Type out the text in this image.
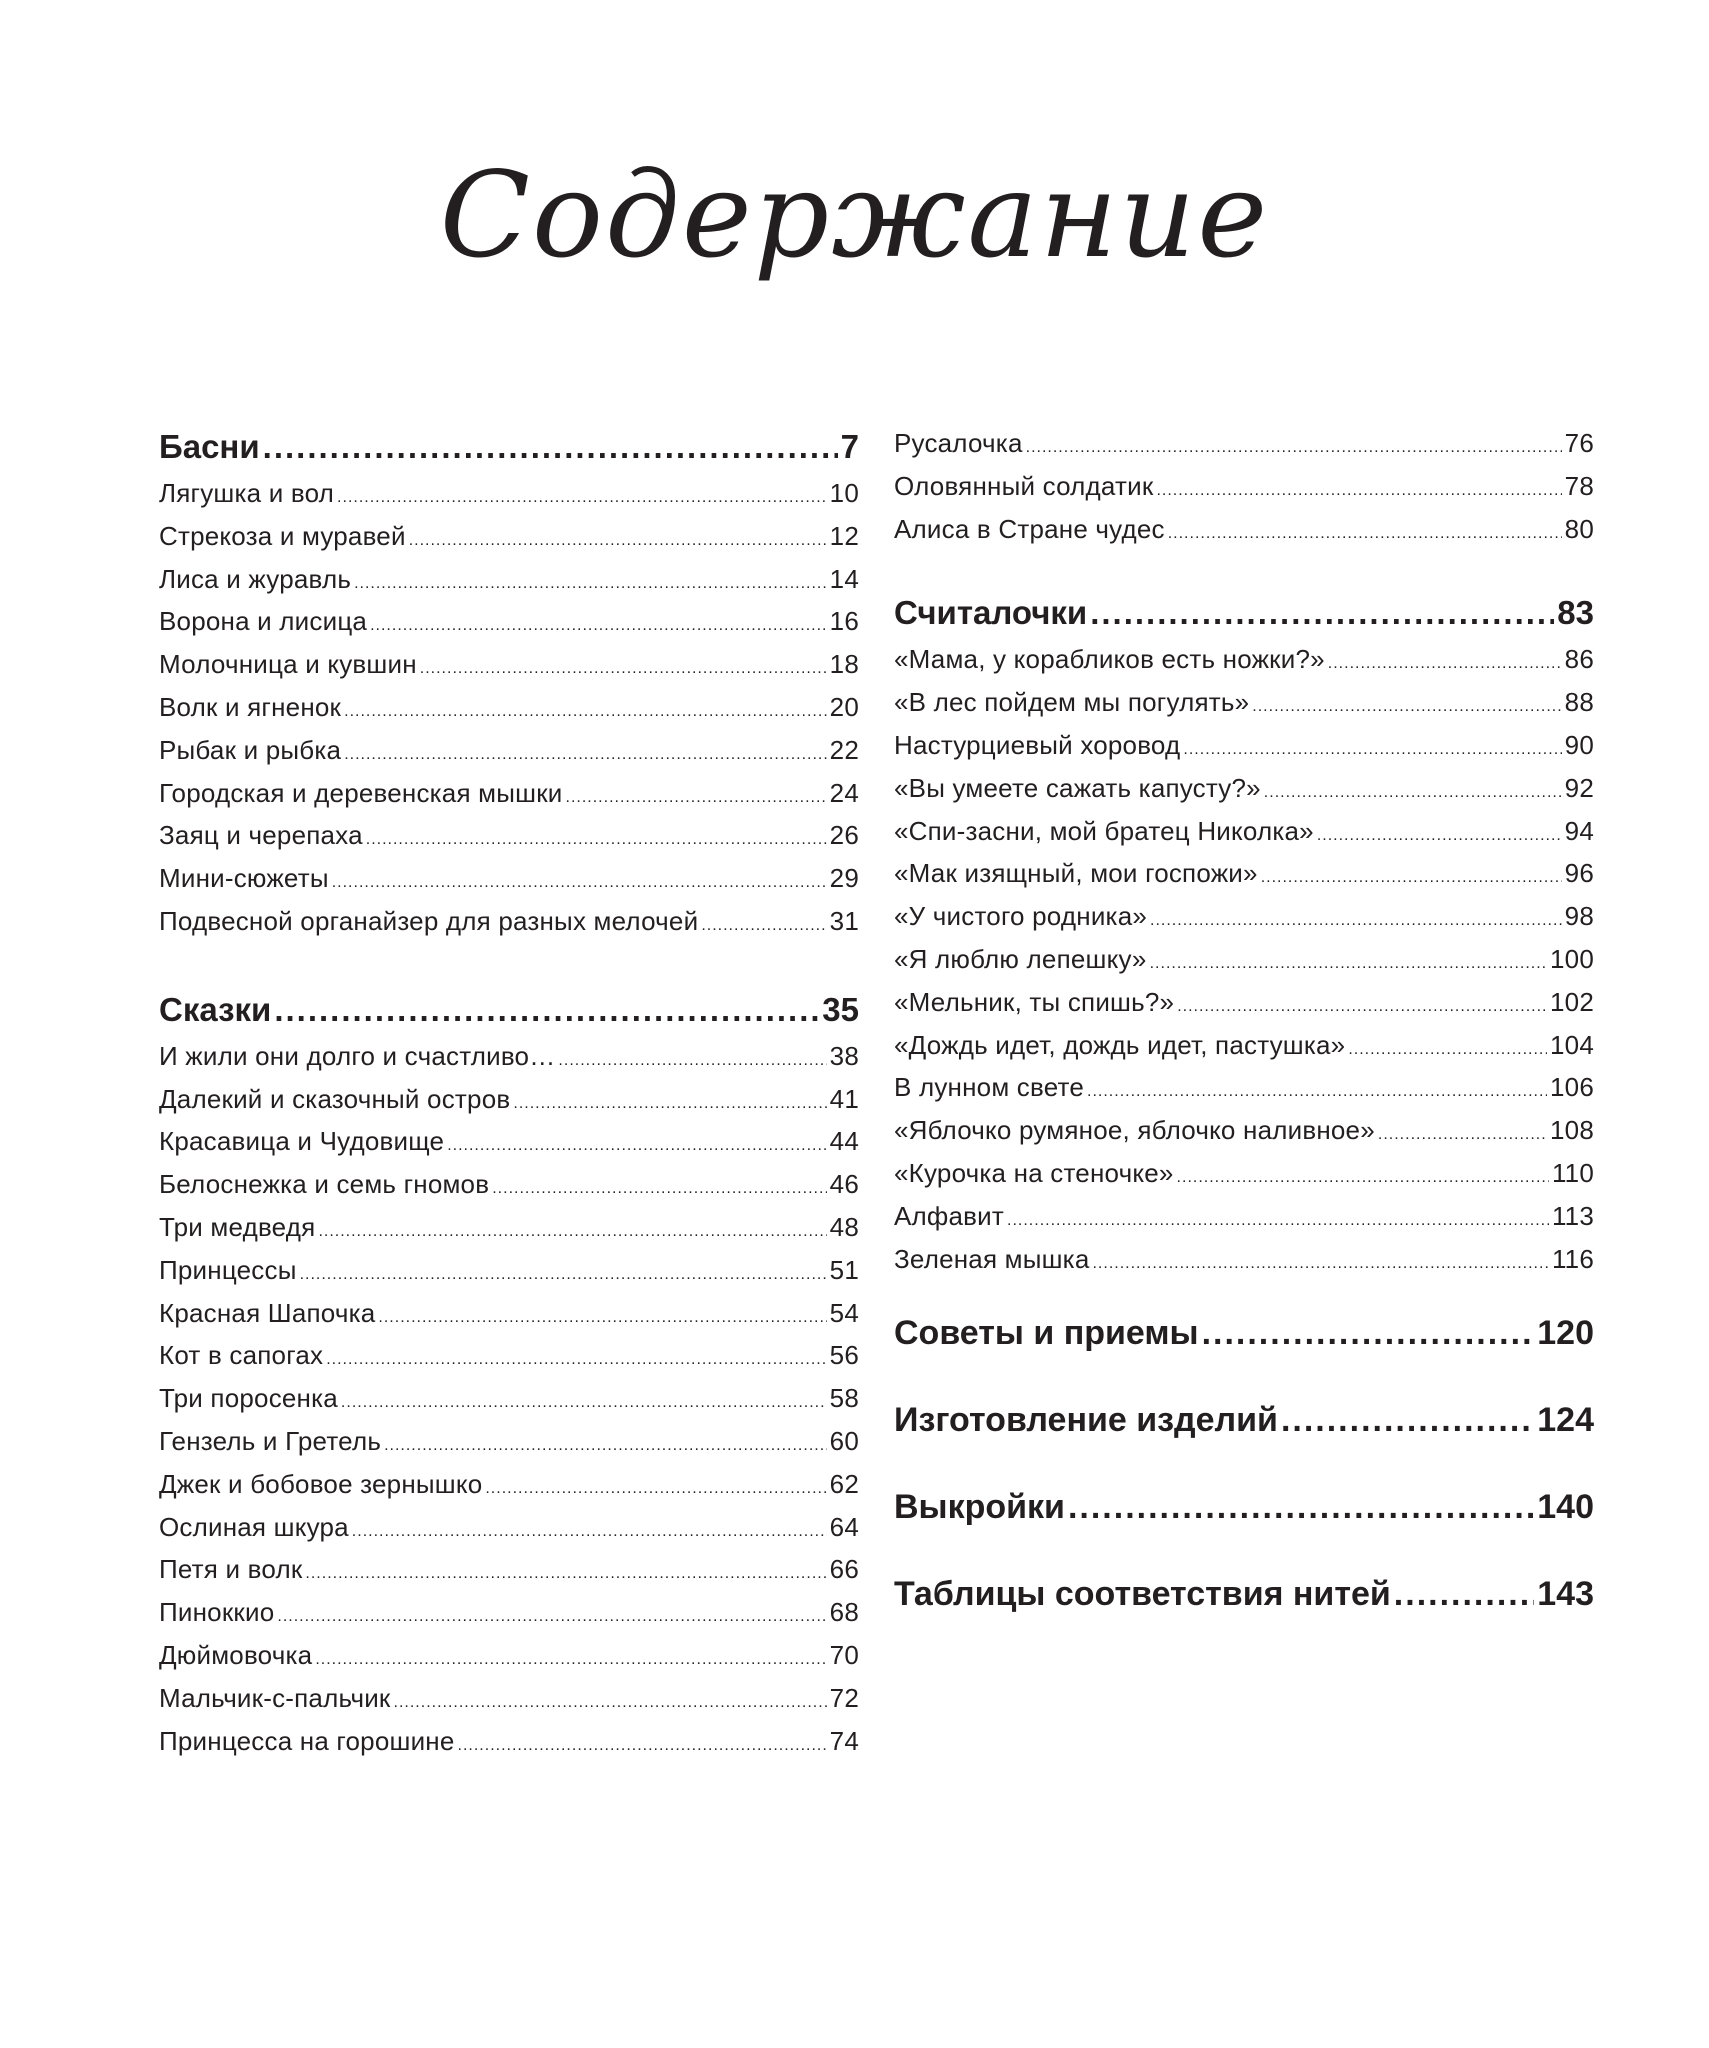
Содержание
Басни .....	7
Лягушка и вол .....	10
Стрекоза и муравей .....	12
Лиса и журавль .....	14
Ворона и лисица .....	16
Молочница и кувшин .....	18
Волк и ягненок .....	20
Рыбак и рыбка .....	22
Городская и деревенская мышки .....	24
Заяц и черепаха .....	26
Мини-сюжеты .....	29
Подвесной органайзер для разных мелочей .....	31
Сказки .....	35
И жили они долго и счастливо… .....	38
Далекий и сказочный остров .....	41
Красавица и Чудовище .....	44
Белоснежка и семь гномов .....	46
Три медведя .....	48
Принцессы .....	51
Красная Шапочка .....	54
Кот в сапогах .....	56
Три поросенка .....	58
Гензель и Гретель .....	60
Джек и бобовое зернышко .....	62
Ослиная шкура .....	64
Петя и волк .....	66
Пиноккио .....	68
Дюймовочка .....	70
Мальчик-с-пальчик .....	72
Принцесса на горошине .....	74
Русалочка .....	76
Оловянный солдатик .....	78
Алиса в Стране чудес .....	80
Считалочки .....	83
«Мама, у корабликов есть ножки?» .....	86
«В лес пойдем мы погулять» .....	88
Настурциевый хоровод .....	90
«Вы умеете сажать капусту?» .....	92
«Спи-засни, мой братец Николка» .....	94
«Мак изящный, мои госпожи» .....	96
«У чистого родника» .....	98
«Я люблю лепешку» .....	100
«Мельник, ты спишь?» .....	102
«Дождь идет, дождь идет, пастушка» .....	104
В лунном свете .....	106
«Яблочко румяное, яблочко наливное» .....	108
«Курочка на стеночке» .....	110
Алфавит .....	113
Зеленая мышка .....	116
Советы и приемы .....	120
Изготовление изделий .....	124
Выкройки .....	140
Таблицы соответствия нитей .....	143
